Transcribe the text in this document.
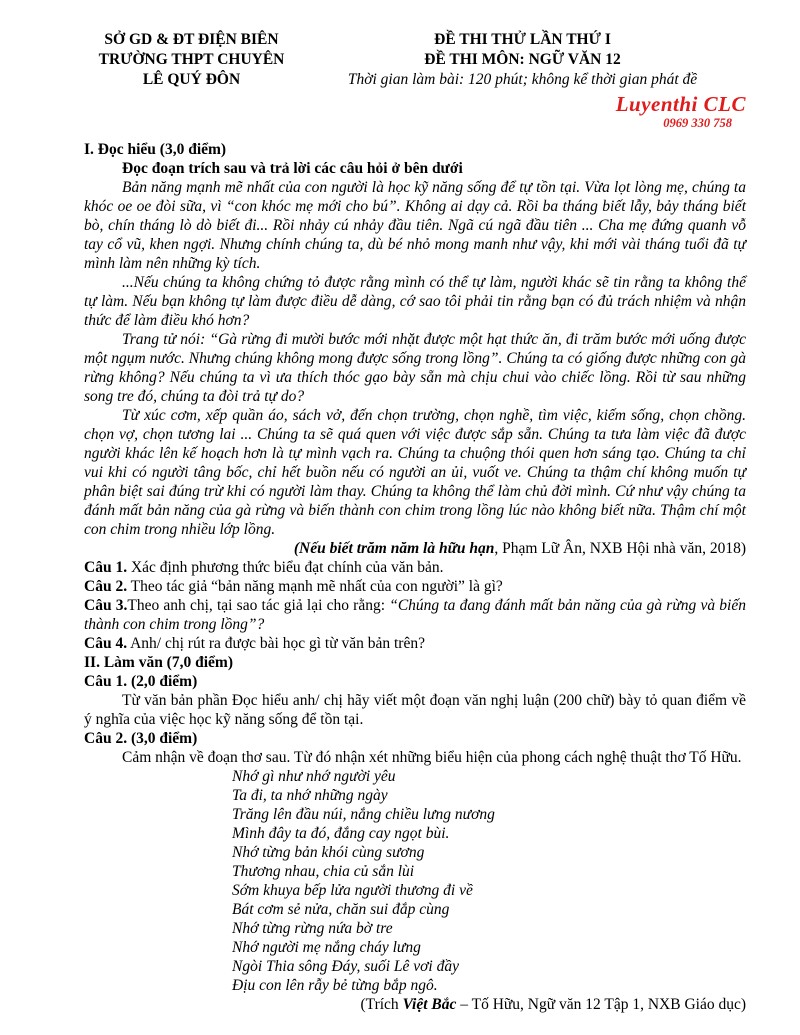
SỞ GD & ĐT ĐIỆN BIÊN
TRƯỜNG THPT CHUYÊN
LÊ QUÝ ĐÔN
ĐỀ THI THỬ LẦN THỨ I
ĐỀ THI MÔN: NGỮ VĂN 12
Thời gian làm bài: 120 phút; không kể thời gian phát đề
Luyenthi CLC
0969 330 758

I. Đọc hiểu (3,0 điểm)

Đọc đoạn trích sau và trả lời các câu hỏi ở bên dưới

Bản năng mạnh mẽ nhất của con người là học kỹ năng sống để tự tồn tại. Vừa lọt lòng mẹ, chúng ta khóc oe oe đòi sữa, vì “con khóc mẹ mới cho bú”. Không ai dạy cả. Rồi ba tháng biết lẫy, bảy tháng biết bò, chín tháng lò dò biết đi... Rồi nhảy cú nhảy đầu tiên. Ngã cú ngã đầu tiên ... Cha mẹ đứng quanh vỗ tay cổ vũ, khen ngợi. Nhưng chính chúng ta, dù bé nhỏ mong manh như vậy, khi mới vài tháng tuổi đã tự mình làm nên những kỳ tích.

...Nếu chúng ta không chứng tỏ được rằng mình có thể tự làm, người khác sẽ tin rằng ta không thể tự làm. Nếu bạn không tự làm được điều dễ dàng, cớ sao tôi phải tin rằng bạn có đủ trách nhiệm và nhận thức để làm điều khó hơn?

Trang tử nói: “Gà rừng đi mười bước mới nhặt được một hạt thức ăn, đi trăm bước mới uống được một ngụm nước. Nhưng chúng không mong được sống trong lồng”. Chúng ta có giống được những con gà rừng không? Nếu chúng ta vì ưa thích thóc gạo bày sẵn mà chịu chui vào chiếc lồng. Rồi từ sau những song tre đó, chúng ta đòi trả tự do?

Từ xúc cơm, xếp quần áo, sách vở, đến chọn trường, chọn nghề, tìm việc, kiếm sống, chọn chồng. chọn vợ, chọn tương lai ... Chúng ta sẽ quá quen với việc được sắp sẵn. Chúng ta tưa làm việc đã được người khác lên kế hoạch hơn là tự mình vạch ra. Chúng ta chuộng thói quen hơn sáng tạo. Chúng ta chỉ vui khi có người tâng bốc, chỉ hết buồn nếu có người an ủi, vuốt ve. Chúng ta thậm chí không muốn tự phân biệt sai đúng trừ khi có người làm thay. Chúng ta không thể làm chủ đời mình. Cứ như vậy chúng ta đánh mất bản năng của gà rừng và biến thành con chim trong lồng lúc nào không biết nữa. Thậm chí một con chim trong nhiều lớp lồng.

(Nếu biết trăm năm là hữu hạn, Phạm Lữ Ân, NXB Hội nhà văn, 2018)

Câu 1. Xác định phương thức biểu đạt chính của văn bản.

Câu 2. Theo tác giả “bản năng mạnh mẽ nhất của con người” là gì?

Câu 3.Theo anh chị, tại sao tác giả lại cho rằng: “Chúng ta đang đánh mất bản năng của gà rừng và biến thành con chim trong lồng”?

Câu 4. Anh/ chị rút ra được bài học gì từ văn bản trên?

II. Làm văn (7,0 điểm)

Câu 1. (2,0 điểm)

Từ văn bản phần Đọc hiểu anh/ chị hãy viết một đoạn văn nghị luận (200 chữ) bày tỏ quan điểm về ý nghĩa của việc học kỹ năng sống để tồn tại.

Câu 2. (3,0 điểm)

Cảm nhận về đoạn thơ sau. Từ đó nhận xét những biểu hiện của phong cách nghệ thuật thơ Tố Hữu.

Nhớ gì như nhớ người yêu
Ta đi, ta nhớ những ngày
Trăng lên đầu núi, nắng chiều lưng nương
Mình đây ta đó, đắng cay ngọt bùi.
Nhớ từng bản khói cùng sương
Thương nhau, chia củ sắn lùi
Sớm khuya bếp lửa người thương đi về
Bát cơm sẻ nửa, chăn sui đắp cùng
Nhớ từng rừng nứa bờ tre
Nhớ người mẹ nắng cháy lưng
Ngòi Thia sông Đáy, suối Lê vơi đầy
Địu con lên rẫy bẻ từng bắp ngô.

(Trích Việt Bắc – Tố Hữu, Ngữ văn 12 Tập 1, NXB Giáo dục)
